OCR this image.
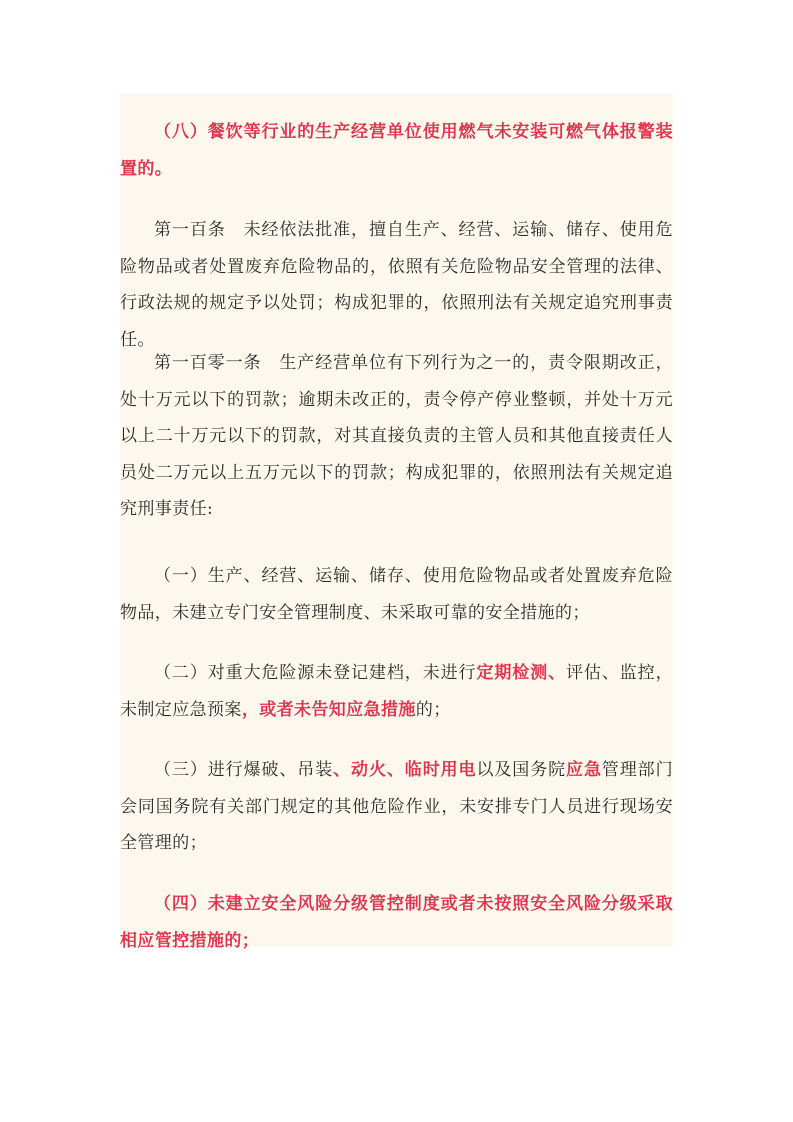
（八）餐饮等行业的生产经营单位使用燃气未安装可燃气体报警装置的。

第一百条　未经依法批准，擅自生产、经营、运输、储存、使用危险物品或者处置废弃危险物品的，依照有关危险物品安全管理的法律、行政法规的规定予以处罚；构成犯罪的，依照刑法有关规定追究刑事责任。

第一百零一条　生产经营单位有下列行为之一的，责令限期改正，处十万元以下的罚款；逾期未改正的，责令停产停业整顿，并处十万元以上二十万元以下的罚款，对其直接负责的主管人员和其他直接责任人员处二万元以上五万元以下的罚款；构成犯罪的，依照刑法有关规定追究刑事责任:

（一）生产、经营、运输、储存、使用危险物品或者处置废弃危险物品，未建立专门安全管理制度、未采取可靠的安全措施的；

（二）对重大危险源未登记建档，未进行定期检测、评估、监控，未制定应急预案，或者未告知应急措施的；

（三）进行爆破、吊装、动火、临时用电以及国务院应急管理部门会同国务院有关部门规定的其他危险作业，未安排专门人员进行现场安全管理的；

（四）未建立安全风险分级管控制度或者未按照安全风险分级采取相应管控措施的；
